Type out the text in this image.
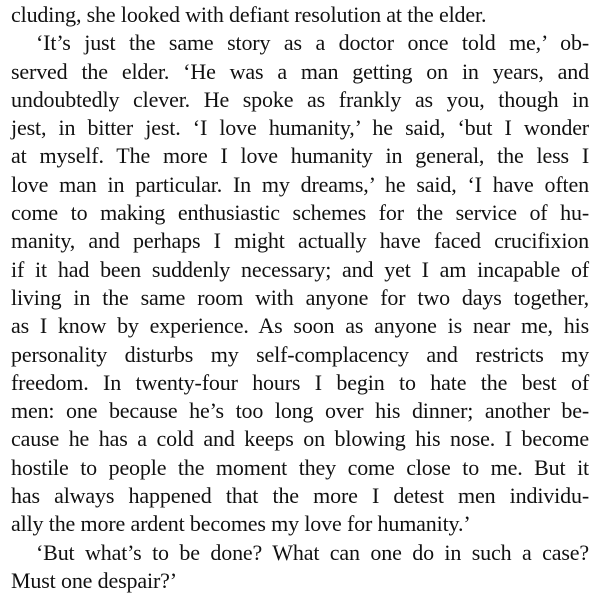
cluding, she looked with defiant resolution at the elder.
‘It’s just the same story as a doctor once told me,’ ob-
served the elder. ‘He was a man getting on in years, and
undoubtedly clever. He spoke as frankly as you, though in
jest, in bitter jest. ‘I love humanity,’ he said, ‘but I wonder
at myself. The more I love humanity in general, the less I
love man in particular. In my dreams,’ he said, ‘I have often
come to making enthusiastic schemes for the service of hu-
manity, and perhaps I might actually have faced crucifixion
if it had been suddenly necessary; and yet I am incapable of
living in the same room with anyone for two days together,
as I know by experience. As soon as anyone is near me, his
personality disturbs my self-complacency and restricts my
freedom. In twenty-four hours I begin to hate the best of
men: one because he’s too long over his dinner; another be-
cause he has a cold and keeps on blowing his nose. I become
hostile to people the moment they come close to me. But it
has always happened that the more I detest men individu-
ally the more ardent becomes my love for humanity.’
‘But what’s to be done? What can one do in such a case?
Must one despair?’
